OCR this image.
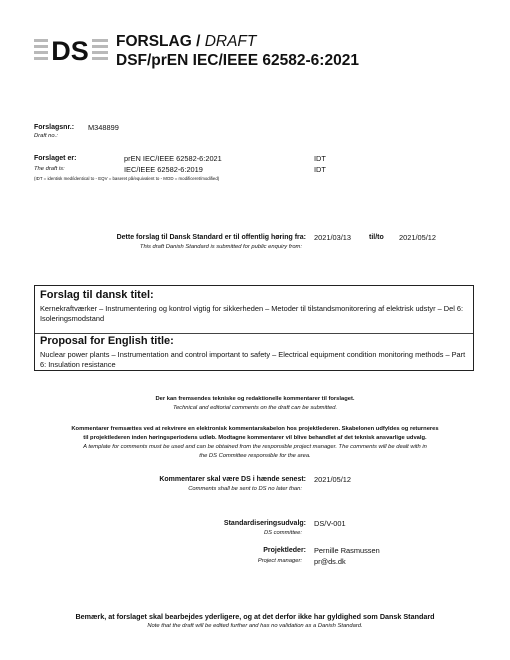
DS FORSLAG / DRAFT
DSF/prEN IEC/IEEE 62582-6:2021
Forslagsnr.: M348899
Draft no.:
Forslaget er:	prEN IEC/IEEE 62582-6:2021	IDT
The draft is:	IEC/IEEE 62582-6:2019	IDT
(IDT = identisk med/identical to - EQV = baseret på/equivalent to - MOD = modificeret/modified)
Dette forslag til Dansk Standard er til offentlig høring fra: 2021/03/13	til/to 2021/05/12
This draft Danish Standard is submitted for public enquiry from:
Forslag til dansk titel:
Kernekraftværker – Instrumentering og kontrol vigtig for sikkerheden – Metoder til tilstandsmonitorering af elektrisk udstyr – Del 6: Isoleringsmodstand
Proposal for English title:
Nuclear power plants – Instrumentation and control important to safety – Electrical equipment condition monitoring methods – Part 6: Insulation resistance
Der kan fremsendes tekniske og redaktionelle kommentarer til forslaget.
Technical and editorial comments on the draft can be submitted.
Kommentarer fremsættes ved at rekvirere en elektronisk kommentarskabelon hos projektlederen. Skabelonen udfyldes og returneres
til projektlederen inden høringsperiodens udløb. Modtagne kommentarer vil blive behandlet af det teknisk ansvarlige udvalg.
A template for comments must be used and can be obtained from the responsible project manager. The comments will be dealt with in
the DS Committee responsible for the area.
Kommentarer skal være DS i hænde senest: 2021/05/12
Comments shall be sent to DS no later than:
Standardiseringsudvalg: DS/V-001
DS committee:
Projektleder: Pernille Rasmussen
Project manager: pr@ds.dk
Bemærk, at forslaget skal bearbejdes yderligere, og at det derfor ikke har gyldighed som Dansk Standard
Note that the draft will be edited further and has no validation as a Danish Standard.
